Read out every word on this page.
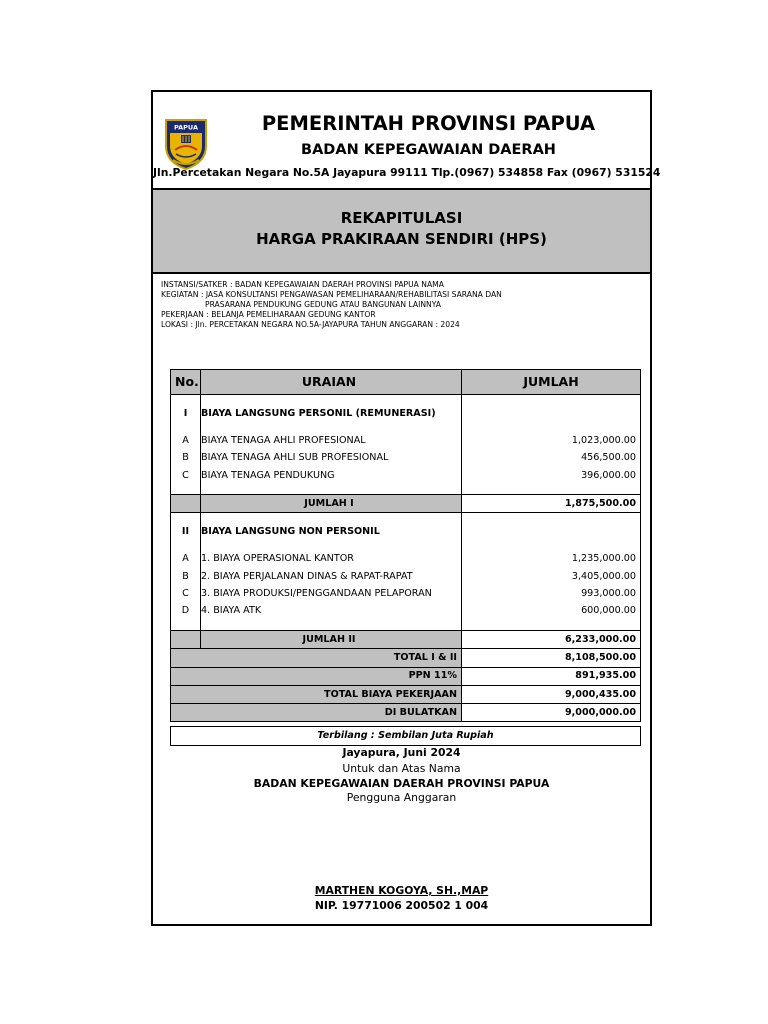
PAPUA	PEMERINTAH PROVINSI PAPUA
BADAN KEPEGAWAIAN DAERAH
Jln.Percetakan Negara No.5A Jayapura 99111 Tlp.(0967) 534858 Fax (0967) 531524
REKAPITULASI
HARGA PRAKIRAAN SENDIRI (HPS)
INSTANSI/SATKER : BADAN KEPEGAWAIAN DAERAH PROVINSI PAPUA NAMA
KEGIATAN : JASA KONSULTANSI PENGAWASAN PEMELIHARAAN/REHABILITASI SARANA DAN
PRASARANA PENDUKUNG GEDUNG ATAU BANGUNAN LAINNYA
PEKERJAAN : BELANJA PEMELIHARAAN GEDUNG KANTOR
LOKASI : Jln. PERCETAKAN NEGARA NO.5A-JAYAPURA TAHUN ANGGARAN : 2024
No.	URAIAN	JUMLAH

I	BIAYA LANGSUNG PERSONIL (REMUNERASI)	

A	BIAYA TENAGA AHLI PROFESIONAL	1,023,000.00
B	BIAYA TENAGA AHLI SUB PROFESIONAL	456,500.00
C	BIAYA TENAGA PENDUKUNG	396,000.00

	JUMLAH I	1,875,500.00

II	BIAYA LANGSUNG NON PERSONIL	

A	1. BIAYA OPERASIONAL KANTOR	1,235,000.00
B	2. BIAYA PERJALANAN DINAS & RAPAT-RAPAT	3,405,000.00
C	3. BIAYA PRODUKSI/PENGGANDAAN PELAPORAN	993,000.00
D	4. BIAYA ATK	600,000.00

	JUMLAH II	6,233,000.00
TOTAL I & II		8,108,500.00
PPN 11%		891,935.00
TOTAL BIAYA PEKERJAAN		9,000,435.00
DI BULATKAN		9,000,000.00

Terbilang : Sembilan Juta Rupiah		
Jayapura, Juni 2024
Untuk dan Atas Nama
BADAN KEPEGAWAIAN DAERAH PROVINSI PAPUA
Pengguna Anggaran
MARTHEN KOGOYA, SH.,MAP
NIP. 19771006 200502 1 004
